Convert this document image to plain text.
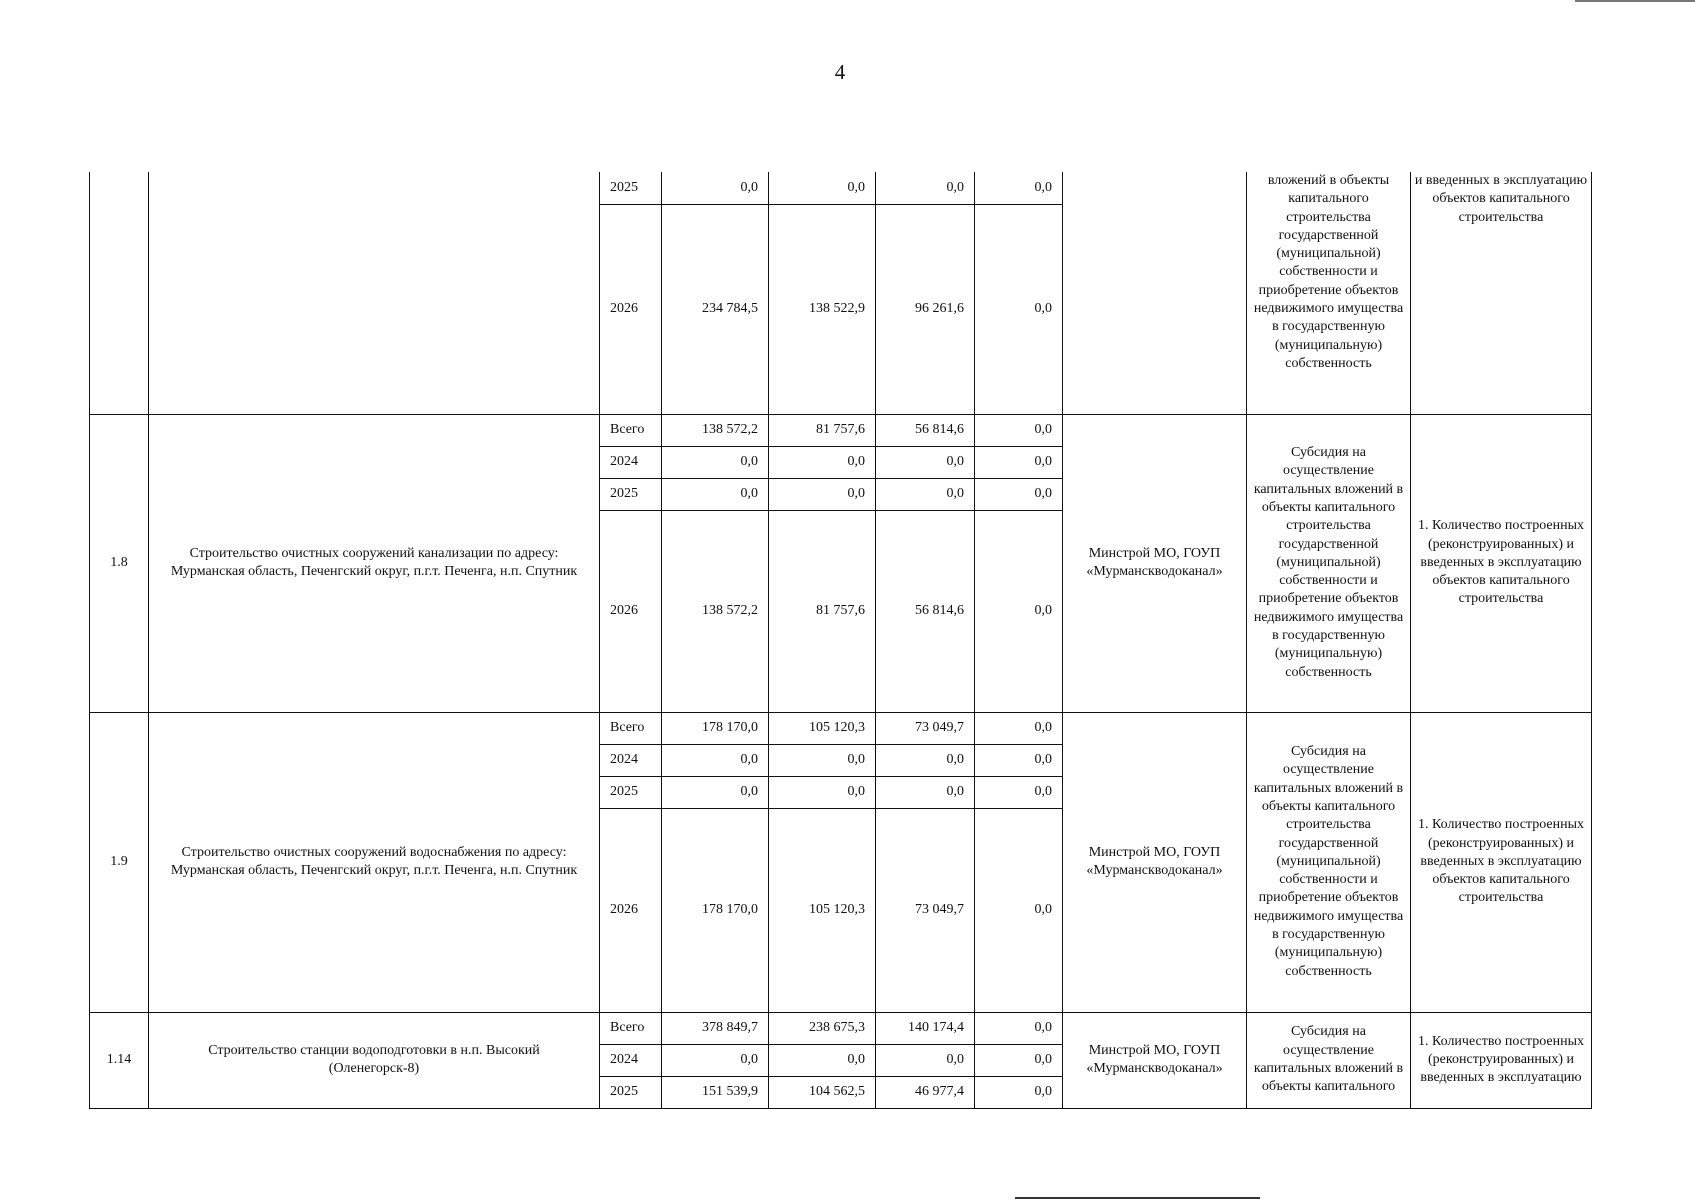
4
		2025	0,0	0,0	0,0	0,0		вложений в объекты капитального строительства государственной (муниципальной) собственности и приобретение объектов недвижимого имущества в государственную (муниципальную) собственность	и введенных в эксплуатацию объектов капитального строительства
		2026	234 784,5	138 522,9	96 261,6	0,0			
1.8	Строительство очистных сооружений канализации по адресу: Мурманская область, Печенгский округ, п.г.т. Печенга, н.п. Спутник	Всего	138 572,2	81 757,6	56 814,6	0,0	Минстрой МО, ГОУП «Мурманскводоканал»	Субсидия на осуществление капитальных вложений в объекты капитального строительства государственной (муниципальной) собственности и приобретение объектов недвижимого имущества в государственную (муниципальную) собственность	1. Количество построенных (реконструированных) и введенных в эксплуатацию объектов капитального строительства
		2024	0,0	0,0	0,0	0,0			
		2025	0,0	0,0	0,0	0,0			
		2026	138 572,2	81 757,6	56 814,6	0,0			
1.9	Строительство очистных сооружений водоснабжения по адресу: Мурманская область, Печенгский округ, п.г.т. Печенга, н.п. Спутник	Всего	178 170,0	105 120,3	73 049,7	0,0	Минстрой МО, ГОУП «Мурманскводоканал»	Субсидия на осуществление капитальных вложений в объекты капитального строительства государственной (муниципальной) собственности и приобретение объектов недвижимого имущества в государственную (муниципальную) собственность	1. Количество построенных (реконструированных) и введенных в эксплуатацию объектов капитального строительства
		2024	0,0	0,0	0,0	0,0			
		2025	0,0	0,0	0,0	0,0			
		2026	178 170,0	105 120,3	73 049,7	0,0			
1.14	Строительство станции водоподготовки в н.п. Высокий (Оленегорск-8)	Всего	378 849,7	238 675,3	140 174,4	0,0	Минстрой МО, ГОУП «Мурманскводоканал»	Субсидия на осуществление капитальных вложений в объекты капитального	1. Количество построенных (реконструированных) и введенных в эксплуатацию
		2024	0,0	0,0	0,0	0,0			
		2025	151 539,9	104 562,5	46 977,4	0,0			
